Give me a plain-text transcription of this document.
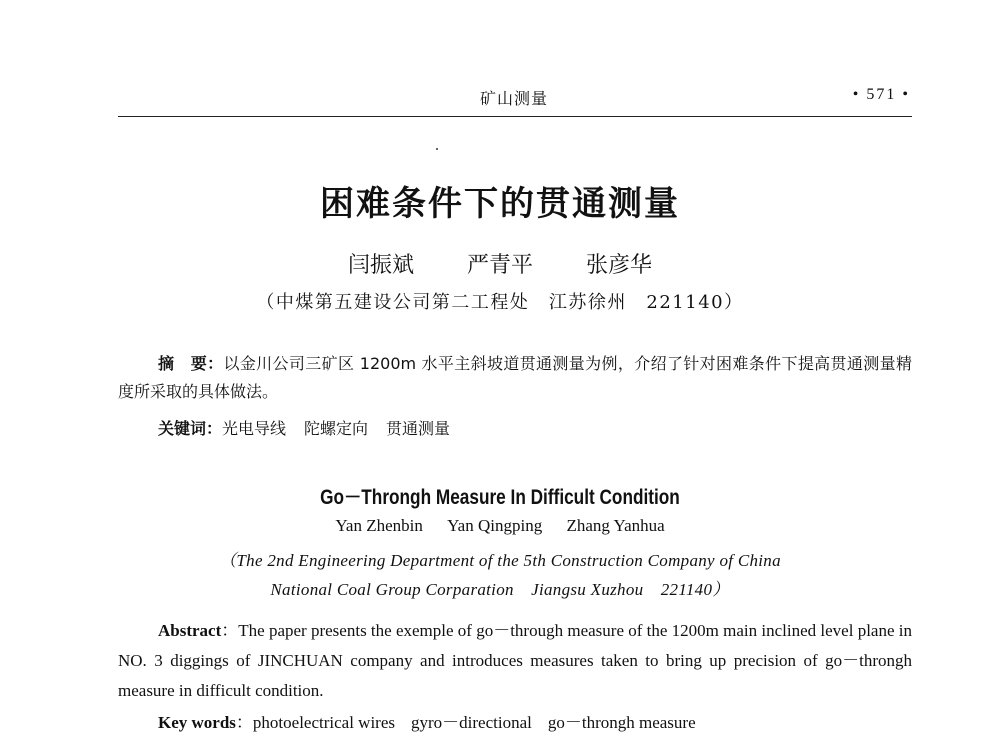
矿山测量	• 571 •
困难条件下的贯通测量
闫振斌 严青平 张彦华
（中煤第五建设公司第二工程处　江苏徐州　221140）
摘　要：以金川公司三矿区 1200m 水平主斜坡道贯通测量为例，介绍了针对困难条件下提高贯通测量精度所采取的具体做法。
关键词：光电导线 陀螺定向 贯通测量
Go－Throngh Measure In Difficult Condition
Yan Zhenbin Yan Qingping Zhang Yanhua
（The 2nd Engineering Department of the 5th Construction Company of China
National Coal Group Corparation　Jiangsu Xuzhou　221140）
Abstract：The paper presents the exemple of go－through measure of the 1200m main inclined level plane in NO. 3 diggings of JINCHUAN company and introduces measures taken to bring up precision of go－throngh measure in difficult condition.
Key words：photoelectrical wires gyro－directional go－throngh measure
